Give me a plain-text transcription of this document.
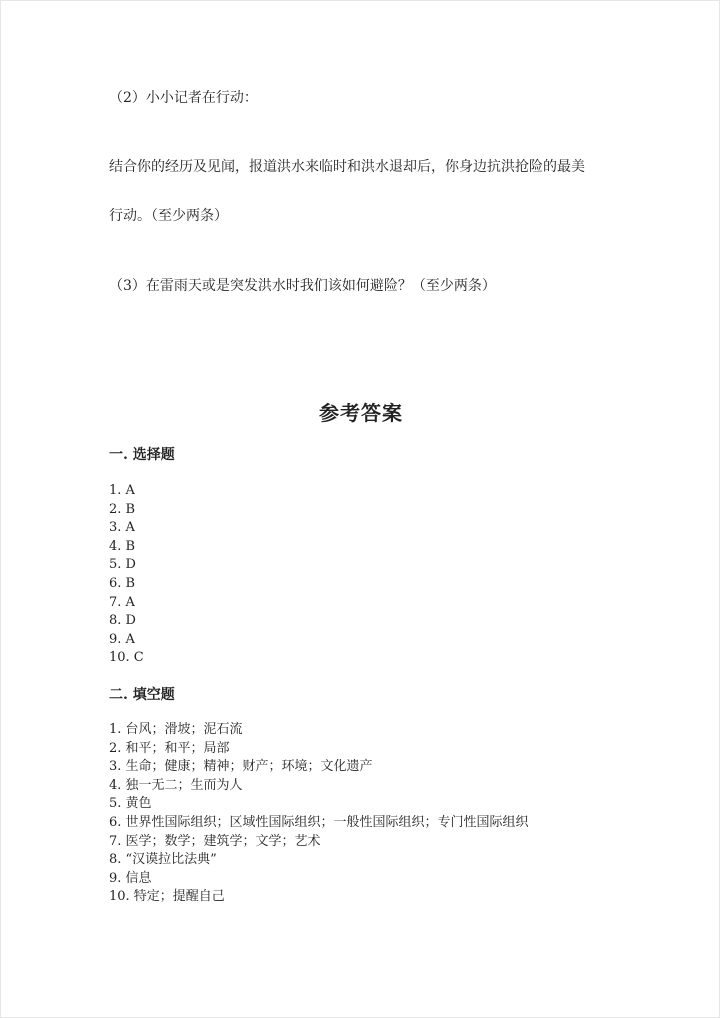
（2）小小记者在行动：
结合你的经历及见闻，报道洪水来临时和洪水退却后，你身边抗洪抢险的最美
行动。（至少两条）
（3）在雷雨天或是突发洪水时我们该如何避险？（至少两条）
参考答案
一. 选择题
1. A
2. B
3. A
4. B
5. D
6. B
7. A
8. D
9. A
10. C
二. 填空题
1. 台风；滑坡；泥石流
2. 和平；和平；局部
3. 生命；健康；精神；财产；环境；文化遗产
4. 独一无二；生而为人
5. 黄色
6. 世界性国际组织；区域性国际组织；一般性国际组织；专门性国际组织
7. 医学；数学；建筑学；文学；艺术
8. “汉谟拉比法典”
9. 信息
10. 特定；提醒自己
